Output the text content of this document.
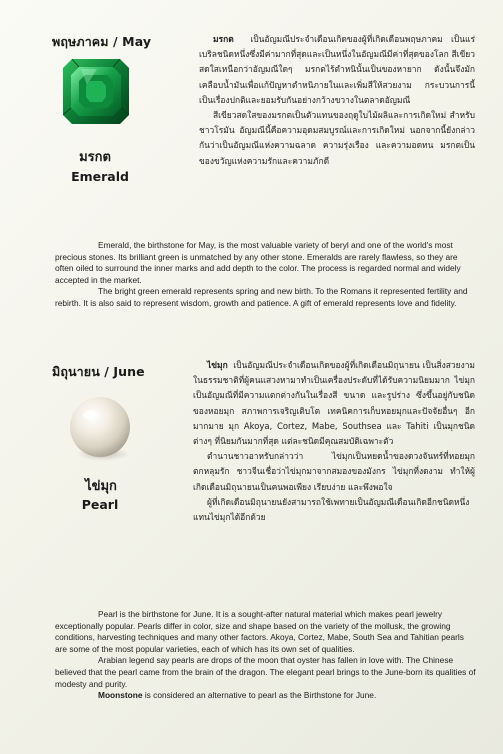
พฤษภาคม / May
มรกต
Emerald

มรกต เป็นอัญมณีประจำเดือนเกิดของผู้ที่เกิดเดือนพฤษภาคม เป็นแร่เบริลชนิดหนึ่งซึ่งมีค่ามากที่สุดและเป็นหนึ่งในอัญมณีมีค่าที่สุดของโลก สีเขียวสดใสเหนือกว่าอัญมณีใดๆ มรกตไร้ตำหนินั้นเป็นของหายาก ดังนั้นจึงมักเคลือบน้ำมันเพื่อแก้ปัญหาตำหนิภายในและเพิ่มสีให้สวยงาม กระบวนการนี้เป็นเรื่องปกติและยอมรับกันอย่างกว้างขวางในตลาดอัญมณี

สีเขียวสดใสของมรกตเป็นตัวแทนของฤดูใบไม้ผลิและการเกิดใหม่ สำหรับชาวโรมัน อัญมณีนี้คือความอุดมสมบูรณ์และการเกิดใหม่ นอกจากนี้ยังกล่าวกันว่าเป็นอัญมณีแห่งความฉลาด ความรุ่งเรือง และความอดทน มรกตเป็นของขวัญแห่งความรักและความภักดี

Emerald, the birthstone for May, is the most valuable variety of beryl and one of the world's most precious stones. Its brilliant green is unmatched by any other stone. Emeralds are rarely flawless, so they are often oiled to surround the inner marks and add depth to the color. The process is regarded normal and widely accepted in the market.

The bright green emerald represents spring and new birth. To the Romans it represented fertility and rebirth. It is also said to represent wisdom, growth and patience. A gift of emerald represents love and fidelity.

มิถุนายน / June
ไข่มุก
Pearl

ไข่มุก เป็นอัญมณีประจำเดือนเกิดของผู้ที่เกิดเดือนมิถุนายน เป็นสิ่งสวยงามในธรรมชาติที่ผู้คนแสวงหามาทำเป็นเครื่องประดับที่ได้รับความนิยมมาก ไข่มุกเป็นอัญมณีที่มีความแตกต่างกันในเรื่องสี ขนาด และรูปร่าง ซึ่งขึ้นอยู่กับชนิดของหอยมุก สภาพการเจริญเติบโต เทคนิคการเก็บหอยมุกและปัจจัยอื่นๆ อีกมากมาย มุก Akoya, Cortez, Mabe, Southsea และ Tahiti เป็นมุกชนิดต่างๆ ที่นิยมกันมากที่สุด แต่ละชนิดมีคุณสมบัติเฉพาะตัว

ตำนานชาวอาหรับกล่าวว่า ไข่มุกเป็นหยดน้ำของดวงจันทร์ที่หอยมุกตกหลุมรัก ชาวจีนเชื่อว่าไข่มุกมาจากสมองของมังกร ไข่มุกที่งดงาม ทำให้ผู้เกิดเดือนมิถุนายนเป็นคนพอเพียง เรียบง่าย และพึงพอใจ

ผู้ที่เกิดเดือนมิถุนายนยังสามารถใช้เพทายเป็นอัญมณีเดือนเกิดอีกชนิดหนึ่งแทนไข่มุกได้อีกด้วย

Pearl is the birthstone for June. It is a sought-after natural material which makes pearl jewelry exceptionally popular. Pearls differ in color, size and shape based on the variety of the mollusk, the growing conditions, harvesting techniques and many other factors. Akoya, Cortez, Mabe, South Sea and Tahitian pearls are some of the most popular varieties, each of which has its own set of qualities.

Arabian legend say pearls are drops of the moon that oyster has fallen in love with. The Chinese believed that the pearl came from the brain of the dragon. The elegant pearl brings to the June-born its qualities of modesty and purity.

Moonstone is considered an alternative to pearl as the Birthstone for June.
